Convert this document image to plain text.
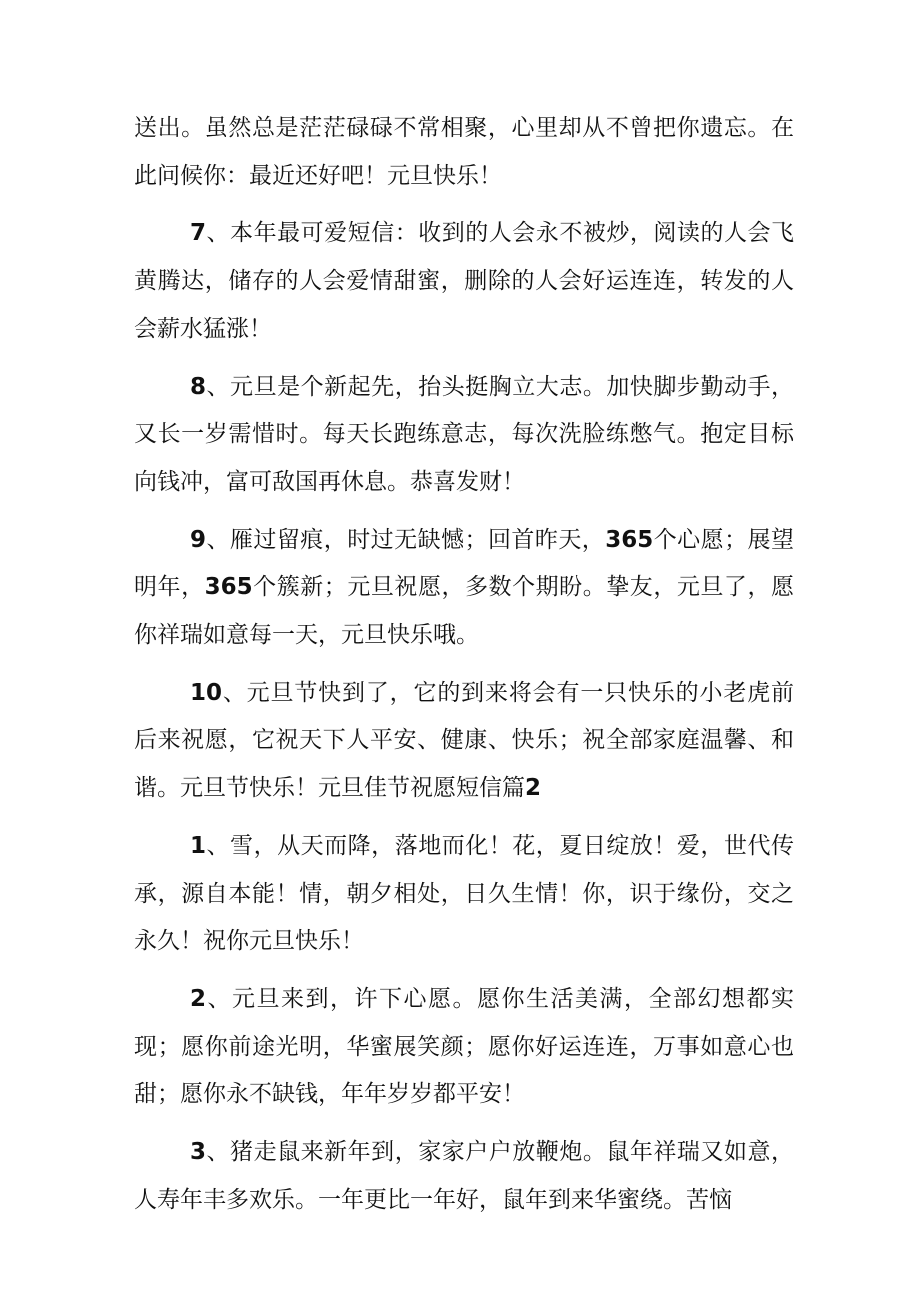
送出。虽然总是茫茫碌碌不常相聚，心里却从不曾把你遗忘。在此问候你：最近还好吧！元旦快乐！

7、本年最可爱短信：收到的人会永不被炒，阅读的人会飞黄腾达，储存的人会爱情甜蜜，删除的人会好运连连，转发的人会薪水猛涨！

8、元旦是个新起先，抬头挺胸立大志。加快脚步勤动手，又长一岁需惜时。每天长跑练意志，每次洗脸练憋气。抱定目标向钱冲，富可敌国再休息。恭喜发财！

9、雁过留痕，时过无缺憾；回首昨天，365个心愿；展望明年，365个簇新；元旦祝愿，多数个期盼。挚友，元旦了，愿你祥瑞如意每一天，元旦快乐哦。

10、元旦节快到了，它的到来将会有一只快乐的小老虎前后来祝愿，它祝天下人平安、健康、快乐；祝全部家庭温馨、和谐。元旦节快乐！元旦佳节祝愿短信篇2

1、雪，从天而降，落地而化！花，夏日绽放！爱，世代传承，源自本能！情，朝夕相处，日久生情！你，识于缘份，交之永久！祝你元旦快乐！

2、元旦来到，许下心愿。愿你生活美满，全部幻想都实现；愿你前途光明，华蜜展笑颜；愿你好运连连，万事如意心也甜；愿你永不缺钱，年年岁岁都平安！

3、猪走鼠来新年到，家家户户放鞭炮。鼠年祥瑞又如意，人寿年丰多欢乐。一年更比一年好，鼠年到来华蜜绕。苦恼
